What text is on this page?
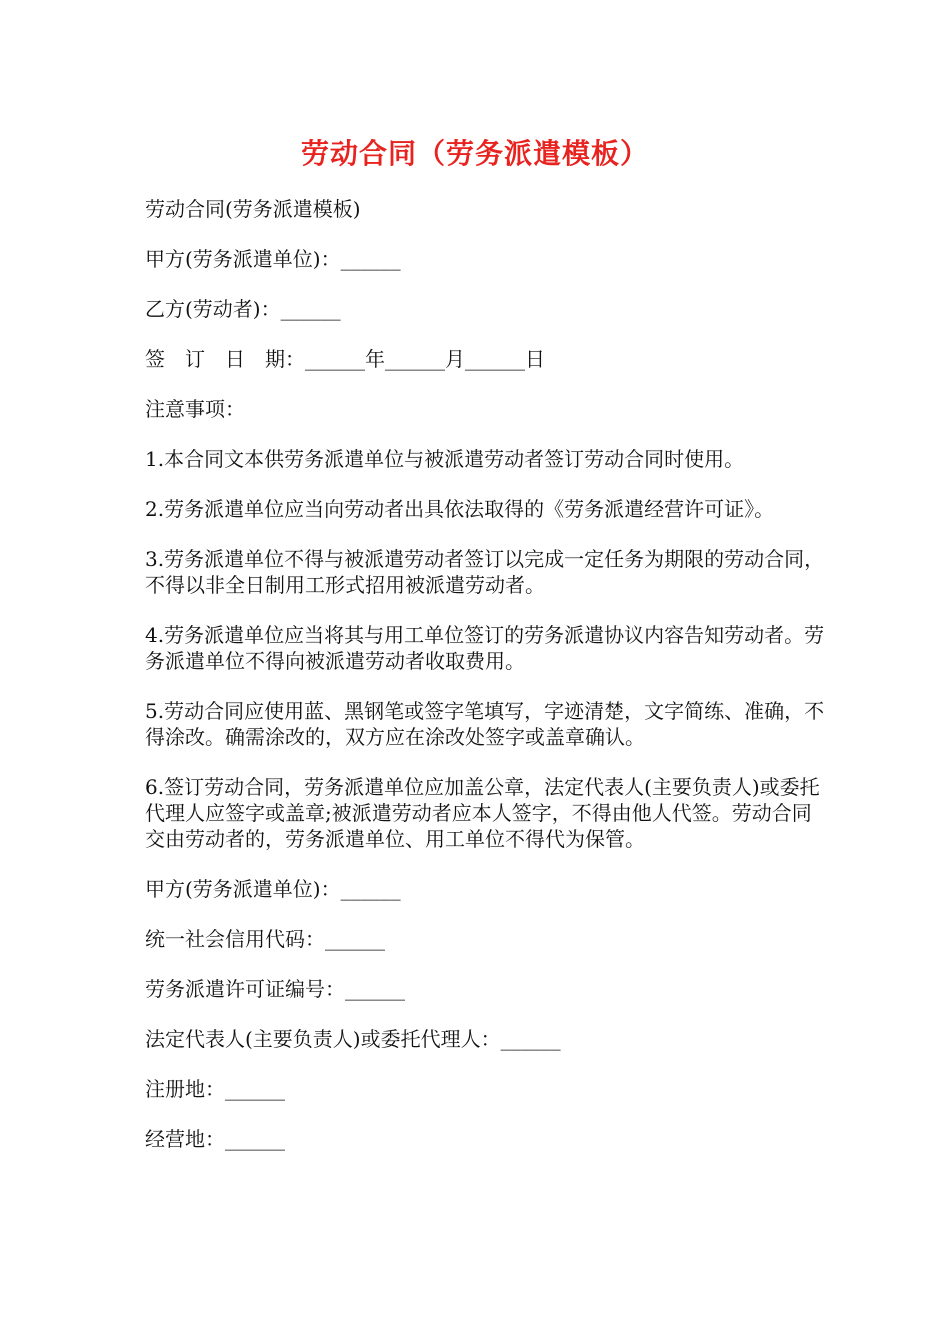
劳动合同（劳务派遣模板）

劳动合同(劳务派遣模板)

甲方(劳务派遣单位)：______

乙方(劳动者)：______

签　订　日　期：______年______月______日

注意事项：

1.本合同文本供劳务派遣单位与被派遣劳动者签订劳动合同时使用。

2.劳务派遣单位应当向劳动者出具依法取得的《劳务派遣经营许可证》。

3.劳务派遣单位不得与被派遣劳动者签订以完成一定任务为期限的劳动合同，不得以非全日制用工形式招用被派遣劳动者。

4.劳务派遣单位应当将其与用工单位签订的劳务派遣协议内容告知劳动者。劳务派遣单位不得向被派遣劳动者收取费用。

5.劳动合同应使用蓝、黑钢笔或签字笔填写，字迹清楚，文字简练、准确，不得涂改。确需涂改的，双方应在涂改处签字或盖章确认。

6.签订劳动合同，劳务派遣单位应加盖公章，法定代表人(主要负责人)或委托代理人应签字或盖章;被派遣劳动者应本人签字，不得由他人代签。劳动合同交由劳动者的，劳务派遣单位、用工单位不得代为保管。

甲方(劳务派遣单位)：______

统一社会信用代码：______

劳务派遣许可证编号：______

法定代表人(主要负责人)或委托代理人：______

注册地：______

经营地：______
